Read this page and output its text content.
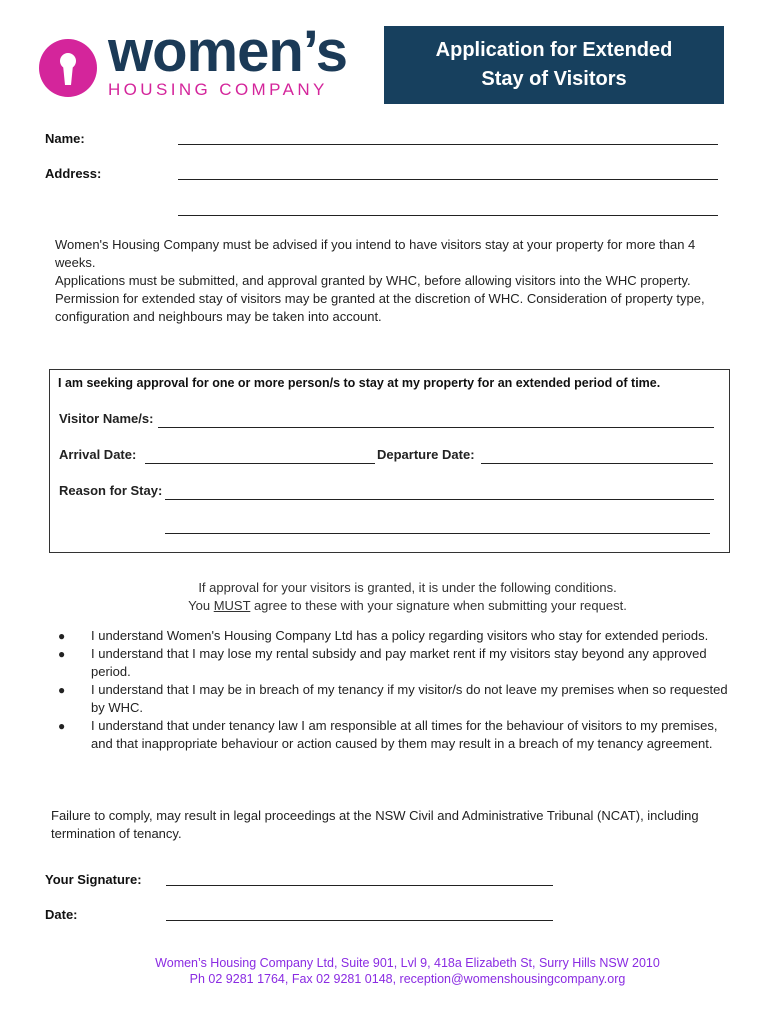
women’s
HOUSING COMPANY
Application for Extended
Stay of Visitors
Name:
Address:

Women's Housing Company must be advised if you intend to have visitors stay at your property for more than 4 weeks.

Applications must be submitted, and approval granted by WHC, before allowing visitors into the WHC property.

Permission for extended stay of visitors may be granted at the discretion of WHC. Consideration of property type, configuration and neighbours may be taken into account.

I am seeking approval for one or more person/s to stay at my property for an extended period of time.
Visitor Name/s:
Arrival Date:	Departure Date:
Reason for Stay:
If approval for your visitors is granted, it is under the following conditions.
You MUST agree to these with your signature when submitting your request.
● I understand Women's Housing Company Ltd has a policy regarding visitors who stay for extended periods.
● I understand that I may lose my rental subsidy and pay market rent if my visitors stay beyond any approved period.
● I understand that I may be in breach of my tenancy if my visitor/s do not leave my premises when so requested by WHC.
● I understand that under tenancy law I am responsible at all times for the behaviour of visitors to my premises, and that inappropriate behaviour or action caused by them may result in a breach of my tenancy agreement.
Failure to comply, may result in legal proceedings at the NSW Civil and Administrative Tribunal (NCAT), including termination of tenancy.
Your Signature:
Date:
Women’s Housing Company Ltd, Suite 901, Lvl 9, 418a Elizabeth St, Surry Hills NSW 2010
Ph 02 9281 1764, Fax 02 9281 0148, reception@womenshousingcompany.org
